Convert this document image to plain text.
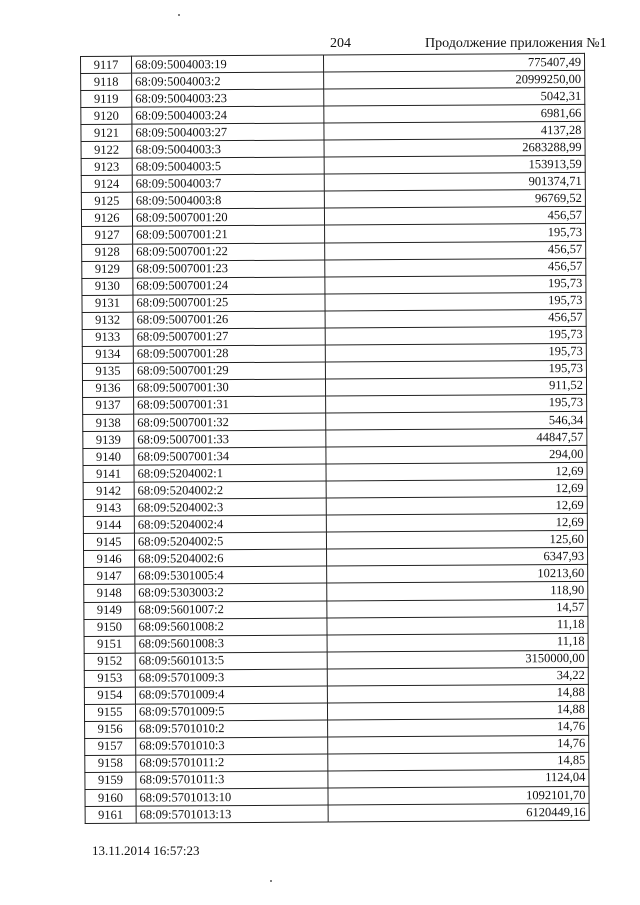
204	Продолжение приложения №1
9117	68:09:5004003:19	775407,49
9118	68:09:5004003:2	20999250,00
9119	68:09:5004003:23	5042,31
9120	68:09:5004003:24	6981,66
9121	68:09:5004003:27	4137,28
9122	68:09:5004003:3	2683288,99
9123	68:09:5004003:5	153913,59
9124	68:09:5004003:7	901374,71
9125	68:09:5004003:8	96769,52
9126	68:09:5007001:20	456,57
9127	68:09:5007001:21	195,73
9128	68:09:5007001:22	456,57
9129	68:09:5007001:23	456,57
9130	68:09:5007001:24	195,73
9131	68:09:5007001:25	195,73
9132	68:09:5007001:26	456,57
9133	68:09:5007001:27	195,73
9134	68:09:5007001:28	195,73
9135	68:09:5007001:29	195,73
9136	68:09:5007001:30	911,52
9137	68:09:5007001:31	195,73
9138	68:09:5007001:32	546,34
9139	68:09:5007001:33	44847,57
9140	68:09:5007001:34	294,00
9141	68:09:5204002:1	12,69
9142	68:09:5204002:2	12,69
9143	68:09:5204002:3	12,69
9144	68:09:5204002:4	12,69
9145	68:09:5204002:5	125,60
9146	68:09:5204002:6	6347,93
9147	68:09:5301005:4	10213,60
9148	68:09:5303003:2	118,90
9149	68:09:5601007:2	14,57
9150	68:09:5601008:2	11,18
9151	68:09:5601008:3	11,18
9152	68:09:5601013:5	3150000,00
9153	68:09:5701009:3	34,22
9154	68:09:5701009:4	14,88
9155	68:09:5701009:5	14,88
9156	68:09:5701010:2	14,76
9157	68:09:5701010:3	14,76
9158	68:09:5701011:2	14,85
9159	68:09:5701011:3	1124,04
9160	68:09:5701013:10	1092101,70
9161	68:09:5701013:13	6120449,16
13.11.2014 16:57:23
